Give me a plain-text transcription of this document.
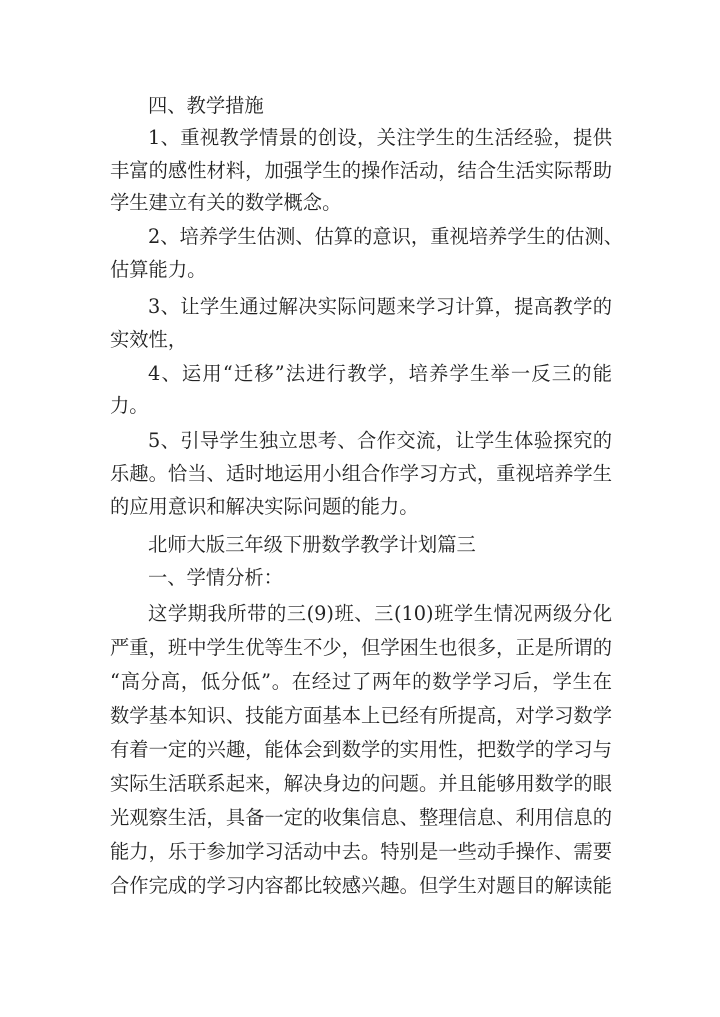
四、教学措施
1、重视教学情景的创设，关注学生的生活经验，提供
丰富的感性材料，加强学生的操作活动，结合生活实际帮助
学生建立有关的数学概念。
2、培养学生估测、估算的意识，重视培养学生的估测、
估算能力。
3、让学生通过解决实际问题来学习计算，提高教学的
实效性，
4、运用“迁移”法进行教学，培养学生举一反三的能
力。
5、引导学生独立思考、合作交流，让学生体验探究的
乐趣。恰当、适时地运用小组合作学习方式，重视培养学生
的应用意识和解决实际问题的能力。
北师大版三年级下册数学教学计划篇三
一、学情分析：
这学期我所带的三(9)班、三(10)班学生情况两级分化
严重，班中学生优等生不少，但学困生也很多，正是所谓的
“高分高，低分低”。在经过了两年的数学学习后，学生在
数学基本知识、技能方面基本上已经有所提高，对学习数学
有着一定的兴趣，能体会到数学的实用性，把数学的学习与
实际生活联系起来，解决身边的问题。并且能够用数学的眼
光观察生活，具备一定的收集信息、整理信息、利用信息的
能力，乐于参加学习活动中去。特别是一些动手操作、需要
合作完成的学习内容都比较感兴趣。但学生对题目的解读能
